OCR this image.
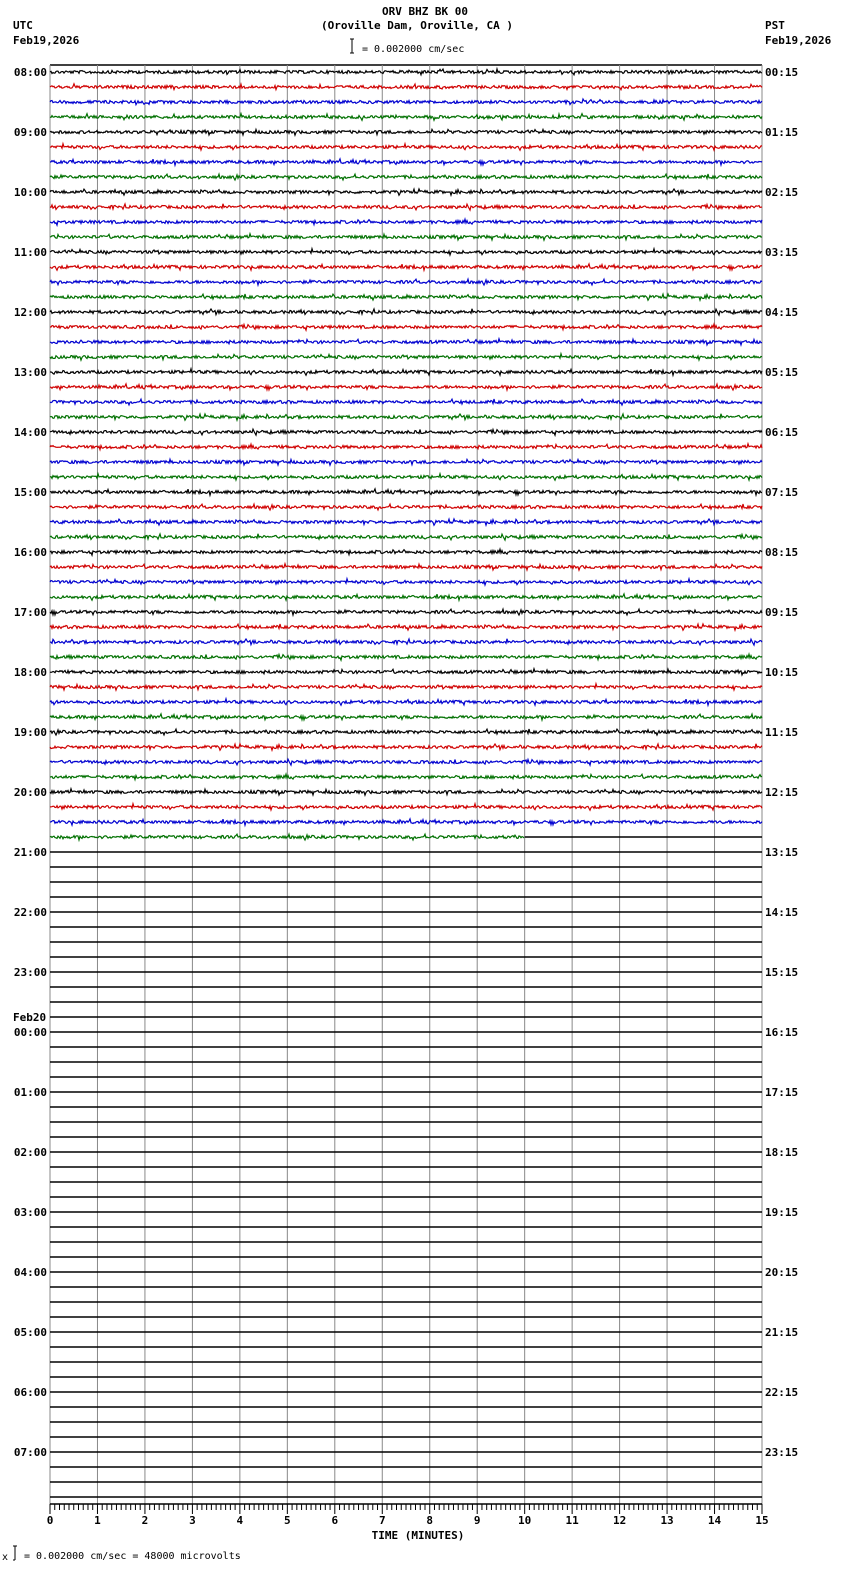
ORV BHZ BK 00
(Oroville Dam, Oroville, CA )
UTC
Feb19,2026
PST
Feb19,2026
= 0.002000 cm/sec
08:00
09:00
10:00
11:00
12:00
13:00
14:00
15:00
16:00
17:00
18:00
19:00
20:00
21:00
22:00
23:00
00:00
Feb20
01:00
02:00
03:00
04:00
05:00
06:00
07:00
00:15
01:15
02:15
03:15
04:15
05:15
06:15
07:15
08:15
09:15
10:15
11:15
12:15
13:15
14:15
15:15
16:15
17:15
18:15
19:15
20:15
21:15
22:15
23:15
0	1	2	3	4	5	6	7	8	9	10	11	12	13	14	15
TIME (MINUTES)
x = 0.002000 cm/sec = 48000 microvolts
